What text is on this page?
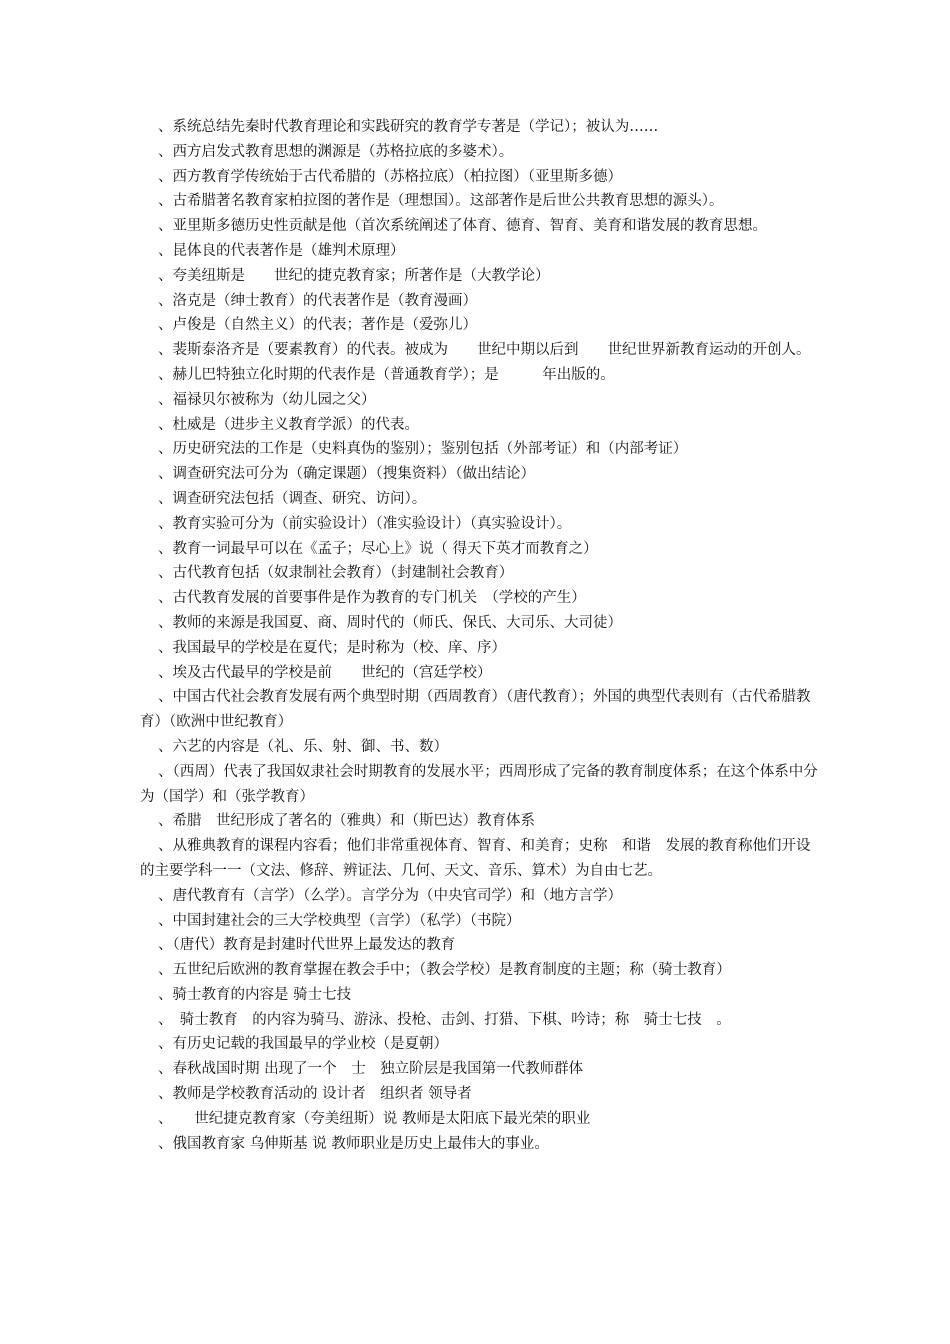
、系统总结先秦时代教育理论和实践研究的教育学专著是（学记）；被认为……

、西方启发式教育思想的渊源是（苏格拉底的多婆术）。

、西方教育学传统始于古代希腊的（苏格拉底）（柏拉图）（亚里斯多德）

、古希腊著名教育家柏拉图的著作是（理想国）。这部著作是后世公共教育思想的源头）。

、亚里斯多德历史性贡献是他（首次系统阐述了体育、德育、智育、美育和谐发展的教育思想。

、昆体良的代表著作是（雄判术原理）

、夸美纽斯是　　世纪的捷克教育家；所著作是（大教学论）

、洛克是（绅士教育）的代表著作是（教育漫画）

、卢俊是（自然主义）的代表；著作是（爱弥儿）

、裴斯泰洛齐是（要素教育）的代表。被成为　　世纪中期以后到　　世纪世界新教育运动的开创人。

、赫儿巴特独立化时期的代表作是（普通教育学）；是　　　年出版的。

、福禄贝尔被称为（幼儿园之父）

、杜威是（进步主义教育学派）的代表。

、历史研究法的工作是（史料真伪的鉴别）；鉴别包括（外部考证）和（内部考证）

、调查研究法可分为（确定课题）（搜集资料）（做出结论）

、调查研究法包括（调查、研究、访问）。

、教育实验可分为（前实验设计）（准实验设计）（真实验设计）。

、教育一词最早可以在《孟子；尽心上》说（ 得天下英才而教育之）

、古代教育包括（奴隶制社会教育）（封建制社会教育）

、古代教育发展的首要事件是作为教育的专门机关　（学校的产生）

、教师的来源是我国夏、商、周时代的（师氏、保氏、大司乐、大司徒）

、我国最早的学校是在夏代；是时称为（校、庠、序）

、埃及古代最早的学校是前　　世纪的（宫廷学校）

、中国古代社会教育发展有两个典型时期（西周教育）（唐代教育）；外国的典型代表则有（古代希腊教育）（欧洲中世纪教育）

、六艺的内容是（礼、乐、射、御、书、数）

、（西周）代表了我国奴隶社会时期教育的发展水平；西周形成了完备的教育制度体系；在这个体系中分为（国学）和（张学教育）

、希腊　世纪形成了著名的（雅典）和（斯巴达）教育体系

、从雅典教育的课程内容看；他们非常重视体育、智育、和美育；史称　和谐　发展的教育称他们开设的主要学科一一（文法、修辞、辨证法、几何、天文、音乐、算术）为自由七艺。

、唐代教育有（言学）（么学）。言学分为（中央官司学）和（地方言学）

、中国封建社会的三大学校典型（言学）（私学）（书院）

、（唐代）教育是封建时代世界上最发达的教育

、五世纪后欧洲的教育掌握在教会手中；（教会学校）是教育制度的主题；称（骑士教育）

、骑士教育的内容是 骑士七技

、　骑士教育　的内容为骑马、游泳、投枪、击剑、打猎、下棋、吟诗；称　骑士七技　。

、有历史记载的我国最早的学业校（是夏朝）

、春秋战国时期 出现了一个　士　独立阶层是我国第一代教师群体

、教师是学校教育活动的 设计者　组织者 领导者

、　　世纪捷克教育家（夸美纽斯）说 教师是太阳底下最光荣的职业

、俄国教育家 乌伸斯基 说 教师职业是历史上最伟大的事业。
